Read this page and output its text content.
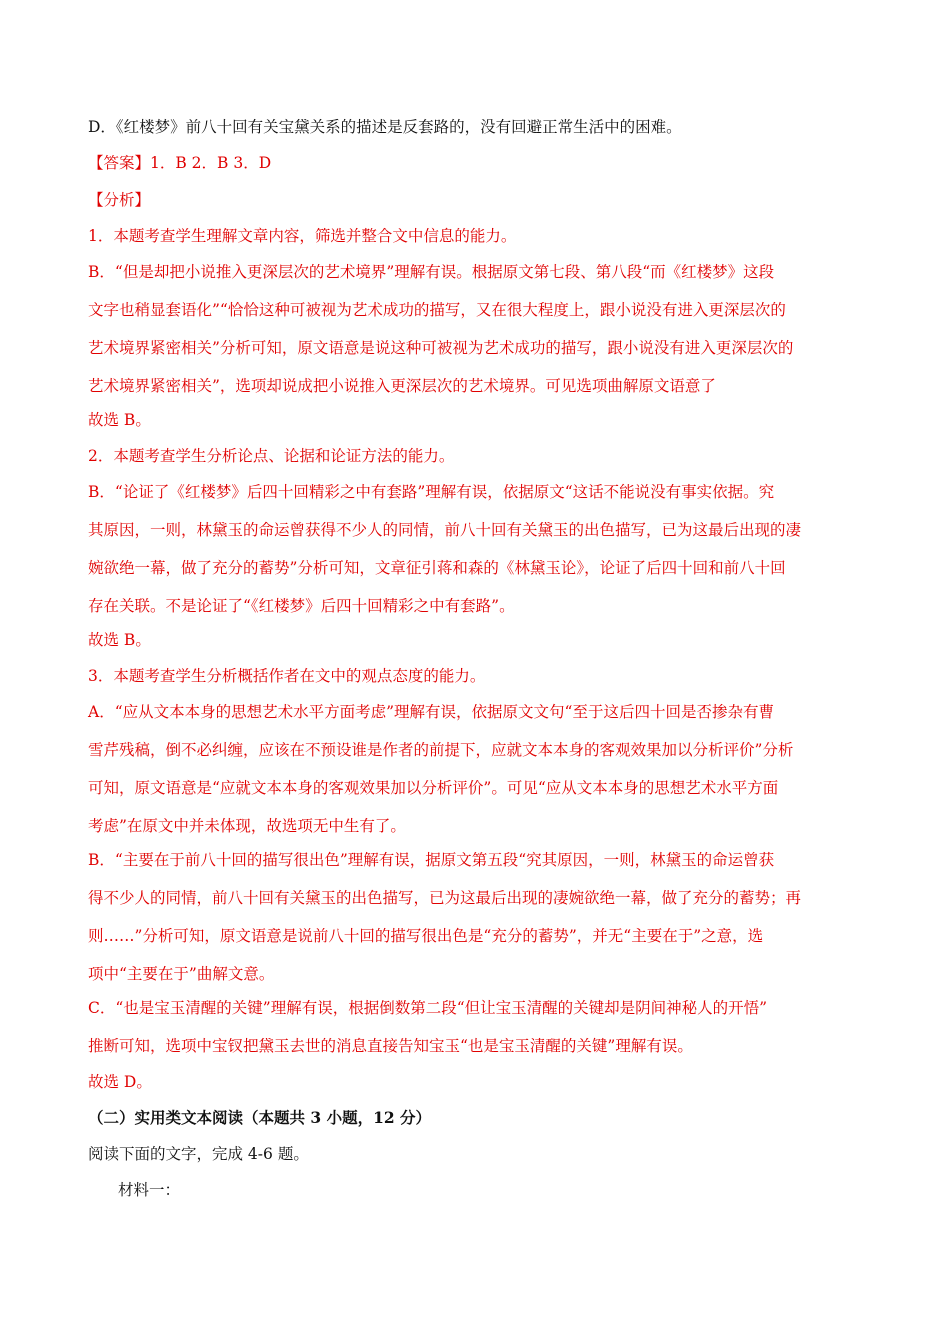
D．《红楼梦》前八十回有关宝黛关系的描述是反套路的，没有回避正常生活中的困难。
【答案】1．B 2．B 3．D
【分析】
1．本题考查学生理解文章内容，筛选并整合文中信息的能力。
B．“但是却把小说推入更深层次的艺术境界”理解有误。根据原文第七段、第八段“而《红楼梦》这段
文字也稍显套语化”“恰恰这种可被视为艺术成功的描写，又在很大程度上，跟小说没有进入更深层次的
艺术境界紧密相关”分析可知，原文语意是说这种可被视为艺术成功的描写，跟小说没有进入更深层次的
艺术境界紧密相关”，选项却说成把小说推入更深层次的艺术境界。可见选项曲解原文语意了
故选 B。
2．本题考查学生分析论点、论据和论证方法的能力。
B．“论证了《红楼梦》后四十回精彩之中有套路”理解有误，依据原文“这话不能说没有事实依据。究
其原因，一则，林黛玉的命运曾获得不少人的同情，前八十回有关黛玉的出色描写，已为这最后出现的凄
婉欲绝一幕，做了充分的蓄势”分析可知，文章征引蒋和森的《林黛玉论》，论证了后四十回和前八十回
存在关联。不是论证了“《红楼梦》后四十回精彩之中有套路”。
故选 B。
3．本题考查学生分析概括作者在文中的观点态度的能力。
A．“应从文本本身的思想艺术水平方面考虑”理解有误，依据原文文句“至于这后四十回是否掺杂有曹
雪芹残稿，倒不必纠缠，应该在不预设谁是作者的前提下，应就文本本身的客观效果加以分析评价”分析
可知，原文语意是“应就文本本身的客观效果加以分析评价”。可见“应从文本本身的思想艺术水平方面
考虑”在原文中并未体现，故选项无中生有了。
B．“主要在于前八十回的描写很出色”理解有误，据原文第五段“究其原因，一则，林黛玉的命运曾获
得不少人的同情，前八十回有关黛玉的出色描写，已为这最后出现的凄婉欲绝一幕，做了充分的蓄势；再
则……”分析可知，原文语意是说前八十回的描写很出色是“充分的蓄势”，并无“主要在于”之意，选
项中“主要在于”曲解文意。
C．“也是宝玉清醒的关键”理解有误，根据倒数第二段“但让宝玉清醒的关键却是阴间神秘人的开悟”
推断可知，选项中宝钗把黛玉去世的消息直接告知宝玉“也是宝玉清醒的关键”理解有误。
故选 D。
（二）实用类文本阅读（本题共 3 小题，12 分）
阅读下面的文字，完成 4-6 题。
材料一：
